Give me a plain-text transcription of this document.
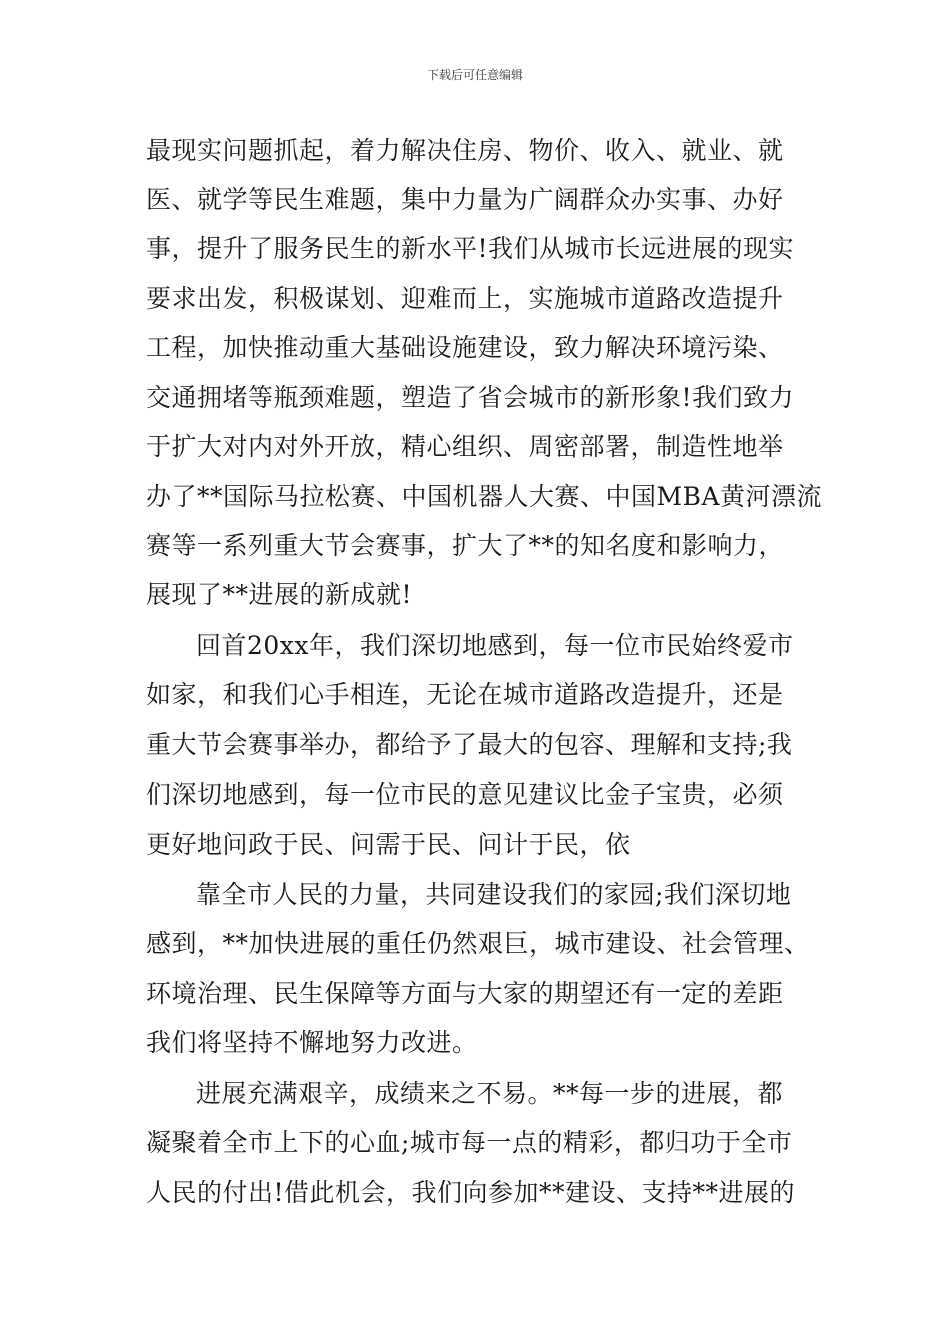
下载后可任意编辑
最现实问题抓起，着力解决住房、物价、收入、就业、就
医、就学等民生难题，集中力量为广阔群众办实事、办好
事，提升了服务民生的新水平!我们从城市长远进展的现实
要求出发，积极谋划、迎难而上，实施城市道路改造提升
工程，加快推动重大基础设施建设，致力解决环境污染、
交通拥堵等瓶颈难题，塑造了省会城市的新形象!我们致力
于扩大对内对外开放，精心组织、周密部署，制造性地举
办了**国际马拉松赛、中国机器人大赛、中国MBA黄河漂流
赛等一系列重大节会赛事，扩大了**的知名度和影响力，
展现了**进展的新成就!
回首20xx年，我们深切地感到，每一位市民始终爱市
如家，和我们心手相连，无论在城市道路改造提升，还是
重大节会赛事举办，都给予了最大的包容、理解和支持;我
们深切地感到，每一位市民的意见建议比金子宝贵，必须
更好地问政于民、问需于民、问计于民，依
靠全市人民的力量，共同建设我们的家园;我们深切地
感到，**加快进展的重任仍然艰巨，城市建设、社会管理、
环境治理、民生保障等方面与大家的期望还有一定的差距
我们将坚持不懈地努力改进。
进展充满艰辛，成绩来之不易。**每一步的进展，都
凝聚着全市上下的心血;城市每一点的精彩，都归功于全市
人民的付出!借此机会，我们向参加**建设、支持**进展的
